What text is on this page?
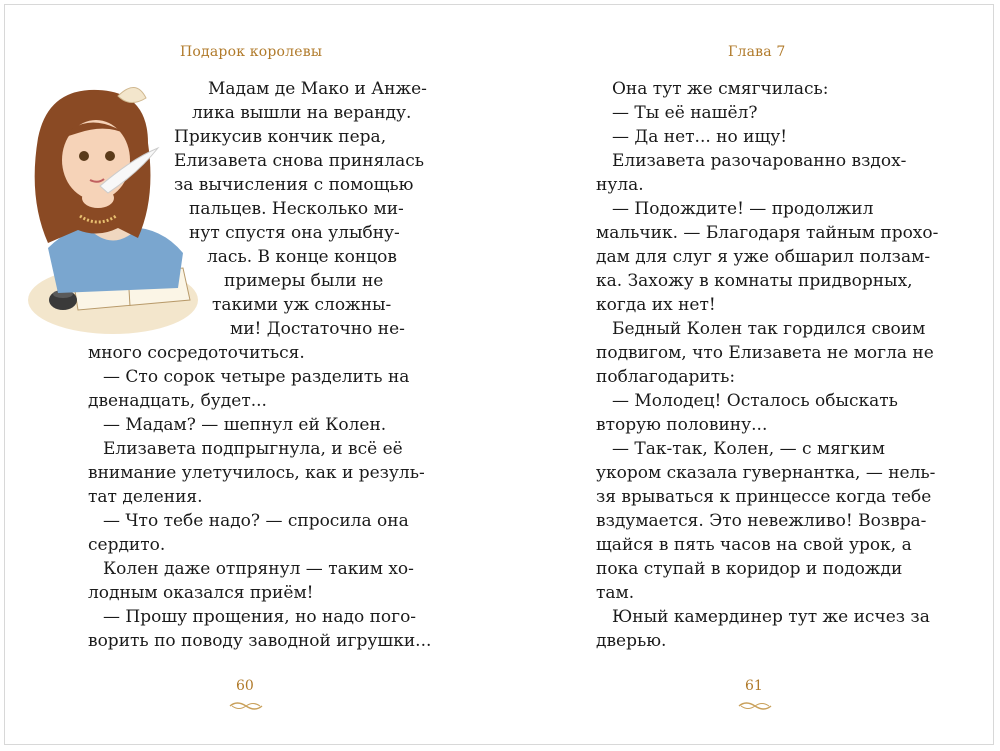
Подарок королевы
Мадам де Мако и Анже-
лика вышли на веранду.
Прикусив кончик пера,
Елизавета снова принялась
за вычисления с помощью
пальцев. Несколько ми-
нут спустя она улыбну-
лась. В конце концов
примеры были не
такими уж сложны-
ми! Достаточно не-
много сосредоточиться.
— Сто сорок четыре разделить на
двенадцать, будет...
— Мадам? — шепнул ей Колен.
Елизавета подпрыгнула, и всё её
внимание улетучилось, как и резуль-
тат деления.
— Что тебе надо? — спросила она
сердито.
Колен даже отпрянул — таким хо-
лодным оказался приём!
— Прошу прощения, но надо пого-
ворить по поводу заводной игрушки...
60
Глава 7
Она тут же смягчилась:
— Ты её нашёл?
— Да нет... но ищу!
Елизавета разочарованно вздох-
нула.
— Подождите! — продолжил
мальчик. — Благодаря тайным прохо-
дам для слуг я уже обшарил ползам-
ка. Захожу в комнаты придворных,
когда их нет!
Бедный Колен так гордился своим
подвигом, что Елизавета не могла не
поблагодарить:
— Молодец! Осталось обыскать
вторую половину...
— Так-так, Колен, — с мягким
укором сказала гувернантка, — нель-
зя врываться к принцессе когда тебе
вздумается. Это невежливо! Возвра-
щайся в пять часов на свой урок, а
пока ступай в коридор и подожди
там.
Юный камердинер тут же исчез за
дверью.
61
